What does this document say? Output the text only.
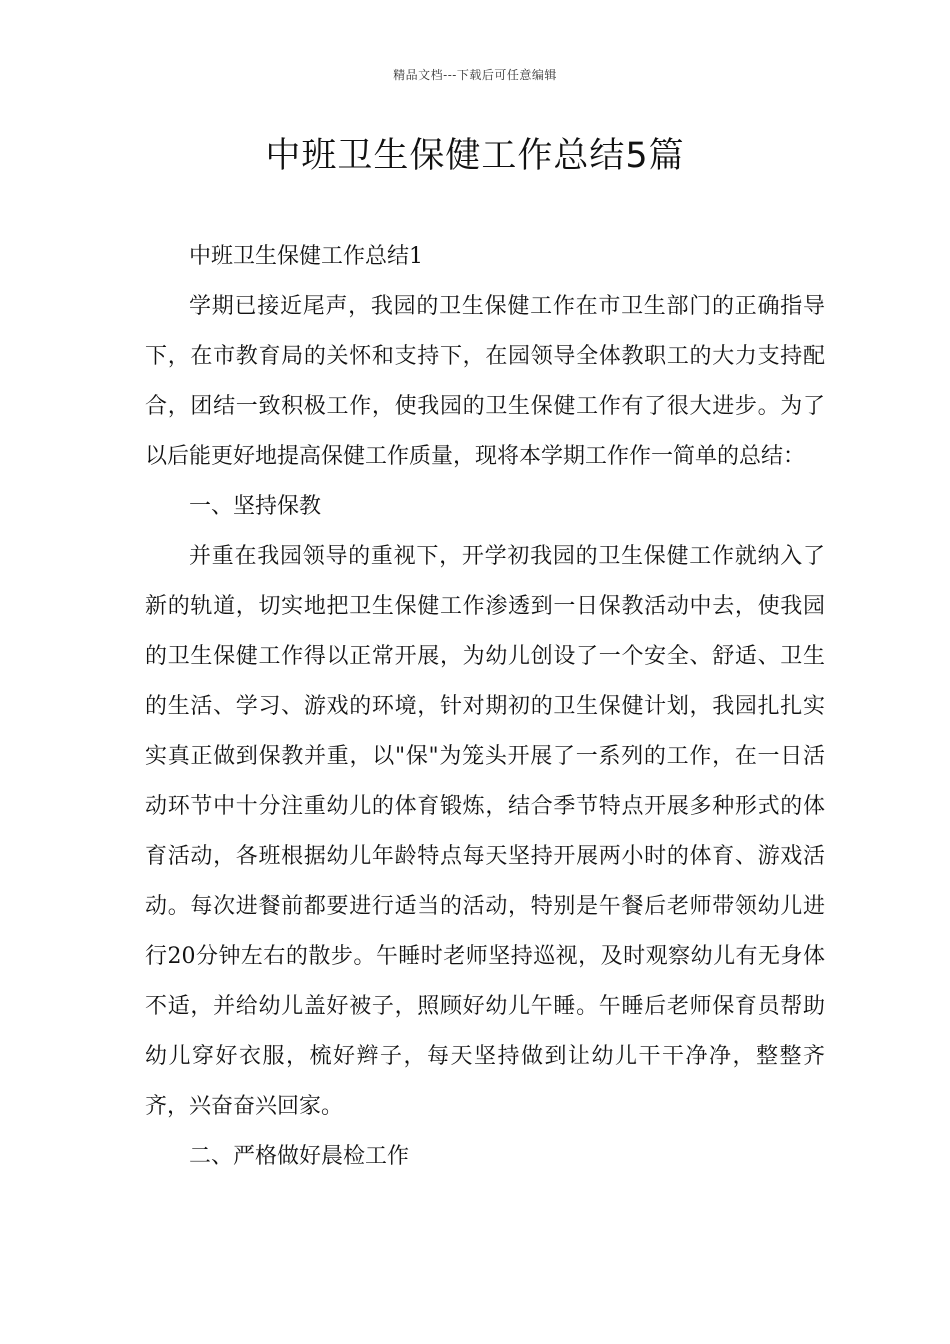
精品文档---下载后可任意编辑
中班卫生保健工作总结5篇

中班卫生保健工作总结1

学期已接近尾声，我园的卫生保健工作在市卫生部门的正确指导下，在市教育局的关怀和支持下，在园领导全体教职工的大力支持配合，团结一致积极工作，使我园的卫生保健工作有了很大进步。为了以后能更好地提高保健工作质量，现将本学期工作作一简单的总结：

一、坚持保教

并重在我园领导的重视下，开学初我园的卫生保健工作就纳入了新的轨道，切实地把卫生保健工作渗透到一日保教活动中去，使我园的卫生保健工作得以正常开展，为幼儿创设了一个安全、舒适、卫生的生活、学习、游戏的环境，针对期初的卫生保健计划，我园扎扎实实真正做到保教并重，以"保"为笼头开展了一系列的工作，在一日活动环节中十分注重幼儿的体育锻炼，结合季节特点开展多种形式的体育活动，各班根据幼儿年龄特点每天坚持开展两小时的体育、游戏活动。每次进餐前都要进行适当的活动，特别是午餐后老师带领幼儿进行20分钟左右的散步。午睡时老师坚持巡视，及时观察幼儿有无身体不适，并给幼儿盖好被子，照顾好幼儿午睡。午睡后老师保育员帮助幼儿穿好衣服，梳好辫子，每天坚持做到让幼儿干干净净，整整齐齐，兴奋奋兴回家。

二、严格做好晨检工作
